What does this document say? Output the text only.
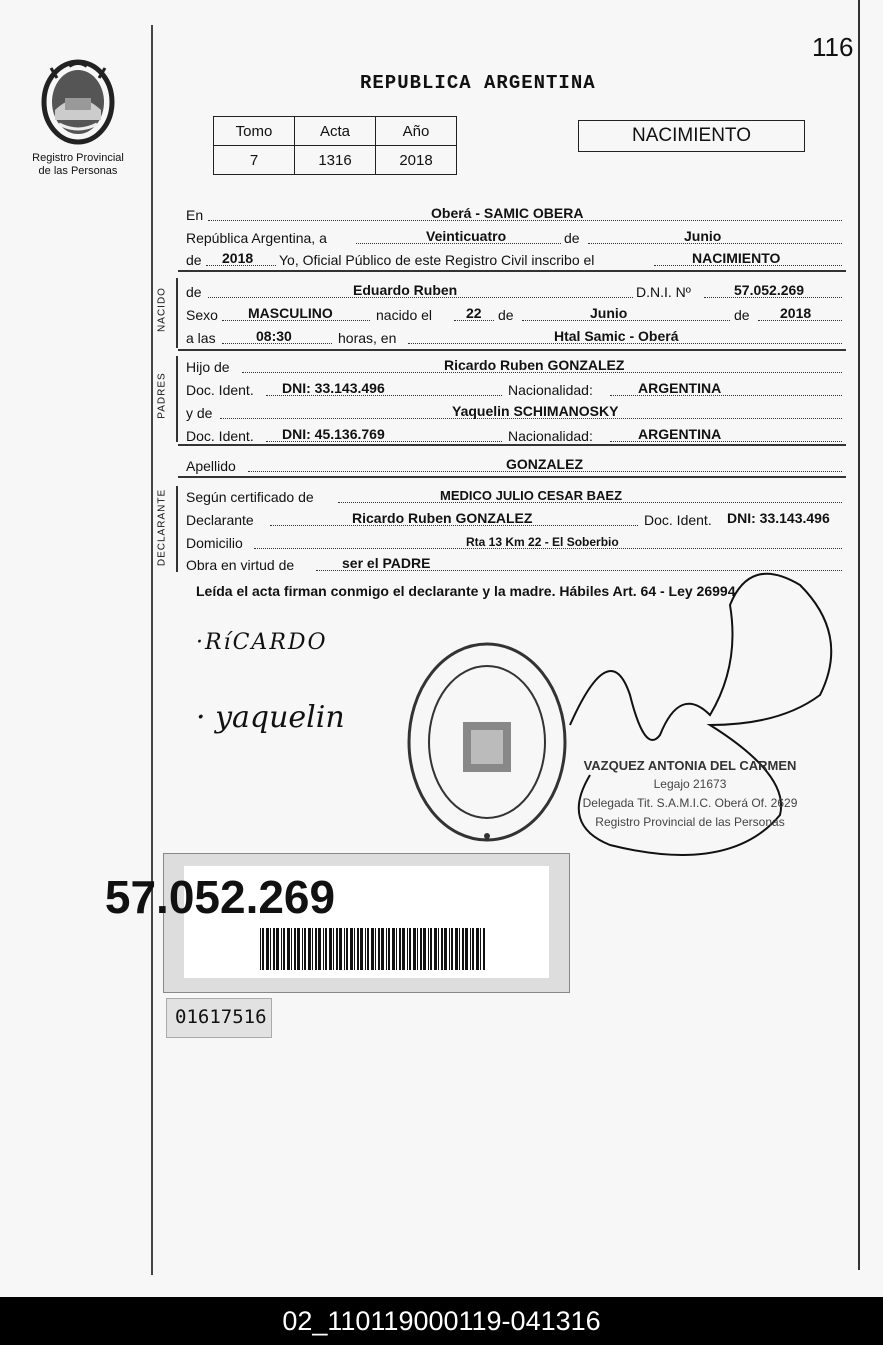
116
Registro Provincial
de las Personas
REPUBLICA ARGENTINA
Tomo	Acta	Año
7	1316	2018
NACIMIENTO
En	Oberá - SAMIC OBERA
República Argentina, a	Veinticuatro	de	Junio
de 2018 Yo, Oficial Público de este Registro Civil inscribo el	NACIMIENTO
NACIDO de	Eduardo Ruben	D.N.I. Nº	57.052.269
Sexo MASCULINO	nacido el 22 de	Junio	de 2018
a las	08:30	horas, en	Htal Samic - Oberá
PADRES
Hijo de	Ricardo Ruben GONZALEZ
Doc. Ident. DNI: 33.143.496	Nacionalidad:	ARGENTINA
y de	Yaquelin SCHIMANOSKY
Doc. Ident. DNI: 45.136.769	Nacionalidad:	ARGENTINA
Apellido	GONZALEZ
DECLARANTE Según certificado de	MEDICO JULIO CESAR BAEZ
Declarante	Ricardo Ruben GONZALEZ	Doc. Ident. DNI: 33.143.496
Domicilio	Rta 13 Km 22 - El Soberbio
Obra en virtud de	ser el PADRE
Leída el acta firman conmigo el declarante y la madre. Hábiles Art. 64 - Ley 26994
·RíCARDO
· yaquelin
VAZQUEZ ANTONIA DEL CARMEN
Legajo 21673
Delegada Tit. S.A.M.I.C. Oberá Of. 2629
Registro Provincial de las Personas
57.052.269
01617516
02_110119000119-041316
